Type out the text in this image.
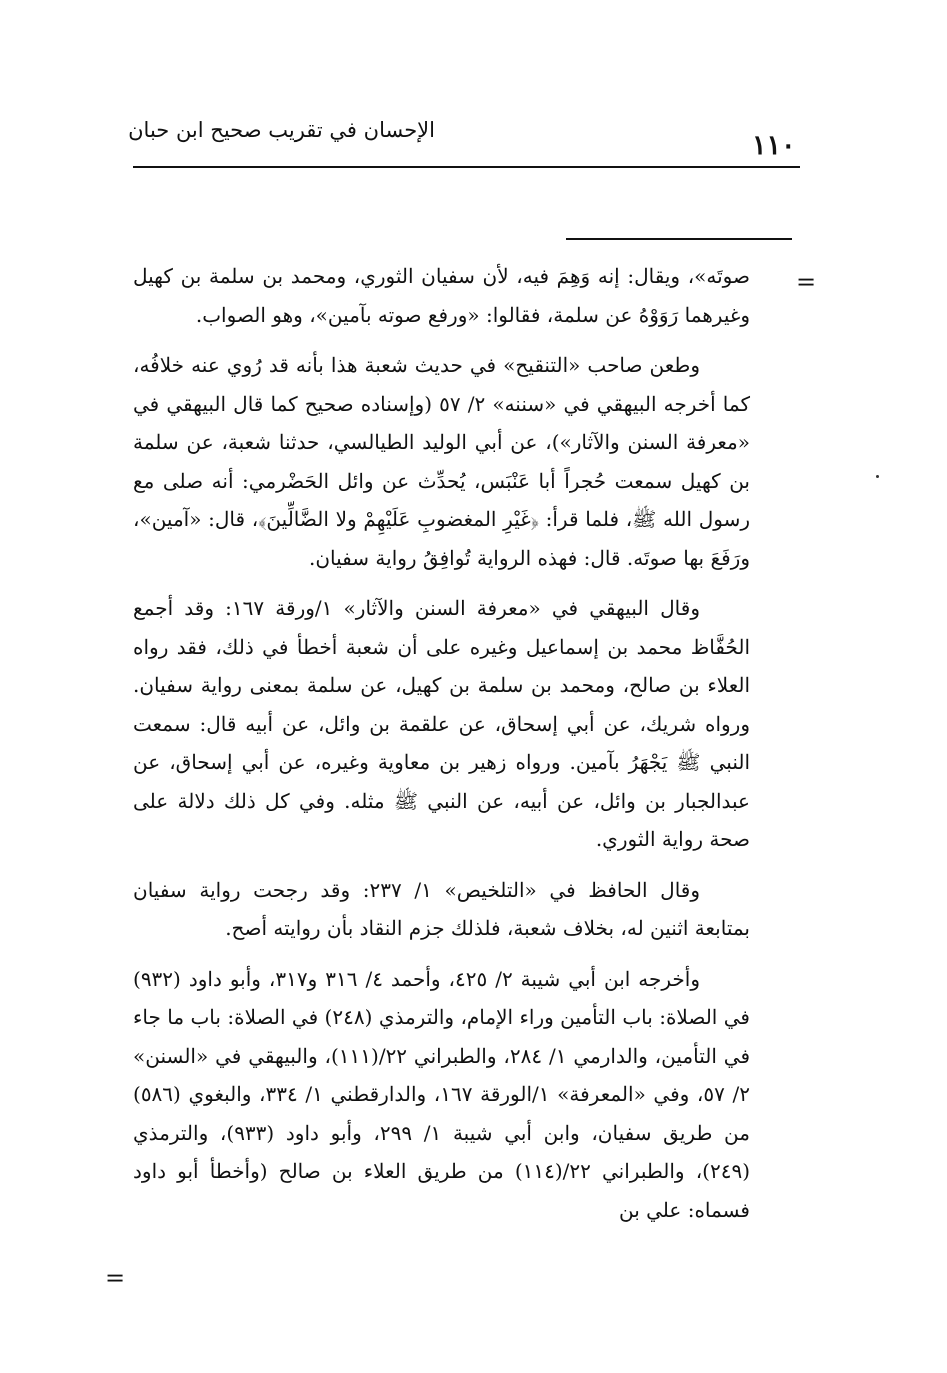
الإحسان في تقريب صحيح ابن حبان	١١٠
=

صوتَه»، ويقال: إنه وَهِمَ فيه، لأن سفيان الثوري، ومحمد بن سلمة بن كهيل وغيرهما رَوَوْهُ عن سلمة، فقالوا: «ورفع صوته بآمين»، وهو الصواب.

وطعن صاحب «التنقيح» في حديث شعبة هذا بأنه قد رُوي عنه خلافُه، كما أخرجه البيهقي في «سننه» ٢/ ٥٧ (وإسناده صحيح كما قال البيهقي في «معرفة السنن والآثار»)، عن أبي الوليد الطيالسي، حدثنا شعبة، عن سلمة بن كهيل سمعت حُجراً أبا عَنْبَس، يُحدِّث عن وائل الحَضْرمي: أنه صلى مع رسول الله ﷺ، فلما قرأ: ﴿غَيْرِ المغضوبِ عَلَيْهِمْ ولا الضَّالِّينَ﴾، قال: «آمين»، ورَفَعَ بها صوتَه. قال: فهذه الرواية تُوافِقُ رواية سفيان.

وقال البيهقي في «معرفة السنن والآثار» ١/ورقة ١٦٧: وقد أجمع الحُفَّاظ محمد بن إسماعيل وغيره على أن شعبة أخطأ في ذلك، فقد رواه العلاء بن صالح، ومحمد بن سلمة بن كهيل، عن سلمة بمعنى رواية سفيان. ورواه شريك، عن أبي إسحاق، عن علقمة بن وائل، عن أبيه قال: سمعت النبي ﷺ يَجْهَرُ بآمين. ورواه زهير بن معاوية وغيره، عن أبي إسحاق، عن عبدالجبار بن وائل، عن أبيه، عن النبي ﷺ مثله. وفي كل ذلك دلالة على صحة رواية الثوري.

وقال الحافظ في «التلخيص» ١/ ٢٣٧: وقد رجحت رواية سفيان بمتابعة اثنين له، بخلاف شعبة، فلذلك جزم النقاد بأن روايته أصح.

وأخرجه ابن أبي شيبة ٢/ ٤٢٥، وأحمد ٤/ ٣١٦ و٣١٧، وأبو داود (٩٣٢) في الصلاة: باب التأمين وراء الإمام، والترمذي (٢٤٨) في الصلاة: باب ما جاء في التأمين، والدارمي ١/ ٢٨٤، والطبراني ٢٢/(١١١)، والبيهقي في «السنن» ٢/ ٥٧، وفي «المعرفة» ١/الورقة ١٦٧، والدارقطني ١/ ٣٣٤، والبغوي (٥٨٦) من طريق سفيان، وابن أبي شيبة ١/ ٢٩٩، وأبو داود (٩٣٣)، والترمذي (٢٤٩)، والطبراني ٢٢/(١١٤) من طريق العلاء بن صالح (وأخطأ أبو داود فسماه: علي بن

=
